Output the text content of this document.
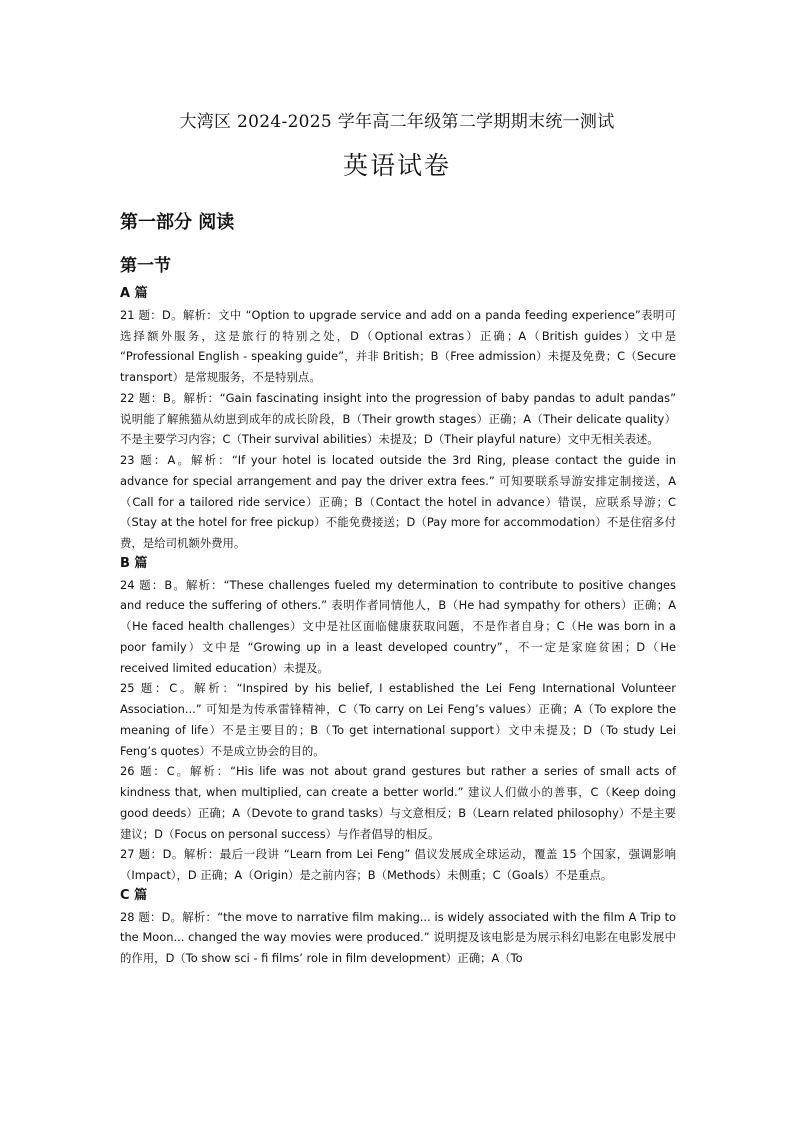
大湾区 2024-2025 学年高二年级第二学期期末统一测试
英语试卷
第一部分 阅读
第一节

A 篇

21 题：D。解析：文中 “Option to upgrade service and add on a panda feeding experience”表明可选择额外服务，这是旅行的特别之处，D（Optional extras）正确；A（British guides）文中是 “Professional English - speaking guide”，并非 British；B（Free admission）未提及免费；C（Secure transport）是常规服务，不是特别点。

22 题：B。解析：“Gain fascinating insight into the progression of baby pandas to adult pandas” 说明能了解熊猫从幼崽到成年的成长阶段，B（Their growth stages）正确；A（Their delicate quality）不是主要学习内容；C（Their survival abilities）未提及；D（Their playful nature）文中无相关表述。

23 题：A。解析：“If your hotel is located outside the 3rd Ring, please contact the guide in advance for special arrangement and pay the driver extra fees.” 可知要联系导游安排定制接送，A（Call for a tailored ride service）正确；B（Contact the hotel in advance）错误，应联系导游；C（Stay at the hotel for free pickup）不能免费接送；D（Pay more for accommodation）不是住宿多付费，是给司机额外费用。

B 篇

24 题：B。解析：“These challenges fueled my determination to contribute to positive changes and reduce the suffering of others.” 表明作者同情他人，B（He had sympathy for others）正确；A（He faced health challenges）文中是社区面临健康获取问题，不是作者自身；C（He was born in a poor family）文中是 “Growing up in a least developed country”，不一定是家庭贫困；D（He received limited education）未提及。

25 题：C。解析：“Inspired by his belief, I established the Lei Feng International Volunteer Association...” 可知是为传承雷锋精神，C（To carry on Lei Feng’s values）正确；A（To explore the meaning of life）不是主要目的；B（To get international support）文中未提及；D（To study Lei Feng’s quotes）不是成立协会的目的。

26 题：C。解析：“His life was not about grand gestures but rather a series of small acts of kindness that, when multiplied, can create a better world.” 建议人们做小的善事，C（Keep doing good deeds）正确；A（Devote to grand tasks）与文意相反；B（Learn related philosophy）不是主要建议；D（Focus on personal success）与作者倡导的相反。

27 题：D。解析：最后一段讲 “Learn from Lei Feng” 倡议发展成全球运动，覆盖 15 个国家，强调影响（Impact），D 正确；A（Origin）是之前内容；B（Methods）未侧重；C（Goals）不是重点。

C 篇

28 题：D。解析：“the move to narrative film making... is widely associated with the film A Trip to the Moon... changed the way movies were produced.” 说明提及该电影是为展示科幻电影在电影发展中的作用，D（To show sci - fi films’ role in film development）正确；A（To
